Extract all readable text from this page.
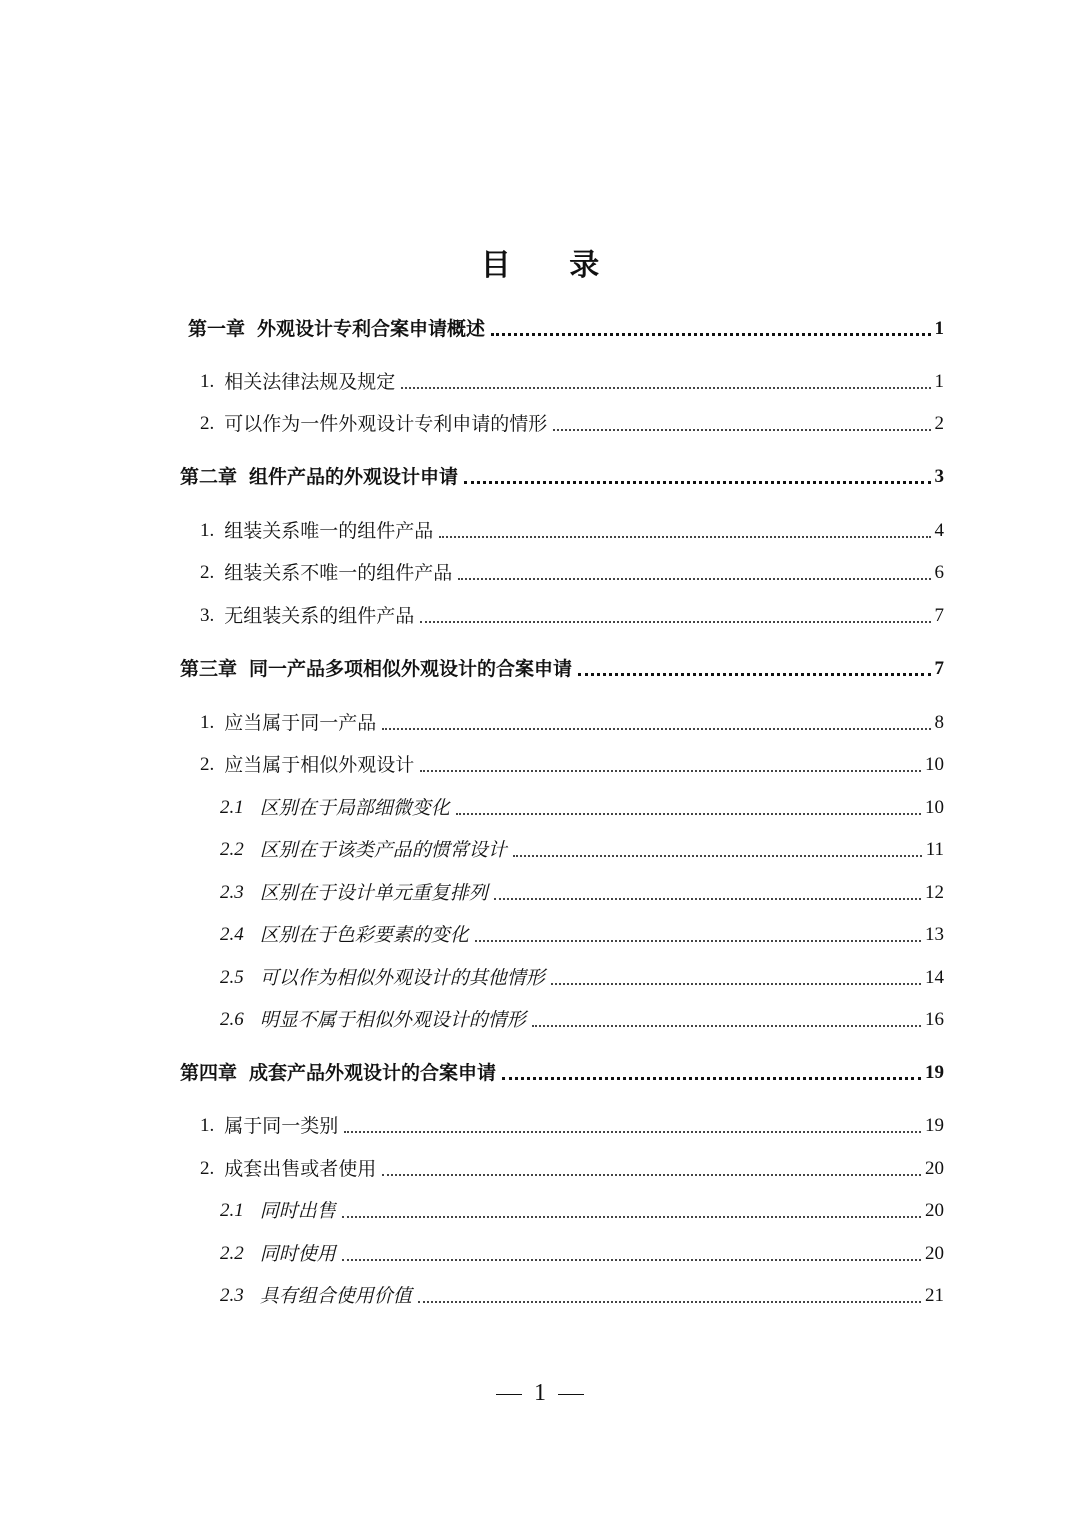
目 录
第一章 外观设计专利合案申请概述	1
1. 相关法律法规及规定	1
2. 可以作为一件外观设计专利申请的情形	2
第二章 组件产品的外观设计申请	3
1. 组装关系唯一的组件产品	4
2. 组装关系不唯一的组件产品	6
3. 无组装关系的组件产品	7
第三章 同一产品多项相似外观设计的合案申请	7
1. 应当属于同一产品	8
2. 应当属于相似外观设计	10
2.1 区别在于局部细微变化	10
2.2 区别在于该类产品的惯常设计	11
2.3 区别在于设计单元重复排列	12
2.4 区别在于色彩要素的变化	13
2.5 可以作为相似外观设计的其他情形	14
2.6 明显不属于相似外观设计的情形	16
第四章 成套产品外观设计的合案申请	19
1. 属于同一类别	19
2. 成套出售或者使用	20
2.1 同时出售	20
2.2 同时使用	20
2.3 具有组合使用价值	21
1
